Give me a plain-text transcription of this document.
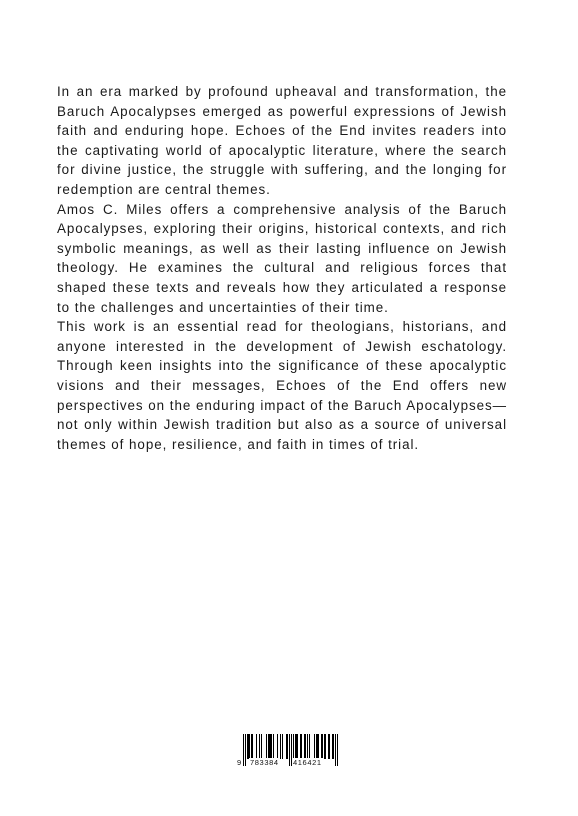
In an era marked by profound upheaval and transformation, the Baruch Apocalypses emerged as powerful expressions of Jewish faith and enduring hope. Echoes of the End invites readers into the captivating world of apocalyptic literature, where the search for divine justice, the struggle with suffering, and the longing for redemption are central themes.

Amos C. Miles offers a comprehensive analysis of the Baruch Apocalypses, exploring their origins, historical contexts, and rich symbolic meanings, as well as their lasting influence on Jewish theology. He examines the cultural and religious forces that shaped these texts and reveals how they articulated a response to the challenges and uncertainties of their time.

This work is an essential read for theologians, historians, and anyone interested in the development of Jewish eschatology. Through keen insights into the significance of these apocalyptic visions and their messages, Echoes of the End offers new perspectives on the enduring impact of the Baruch Apocalypses—not only within Jewish tradition but also as a source of universal themes of hope, resilience, and faith in times of trial.

9 783384 416421
